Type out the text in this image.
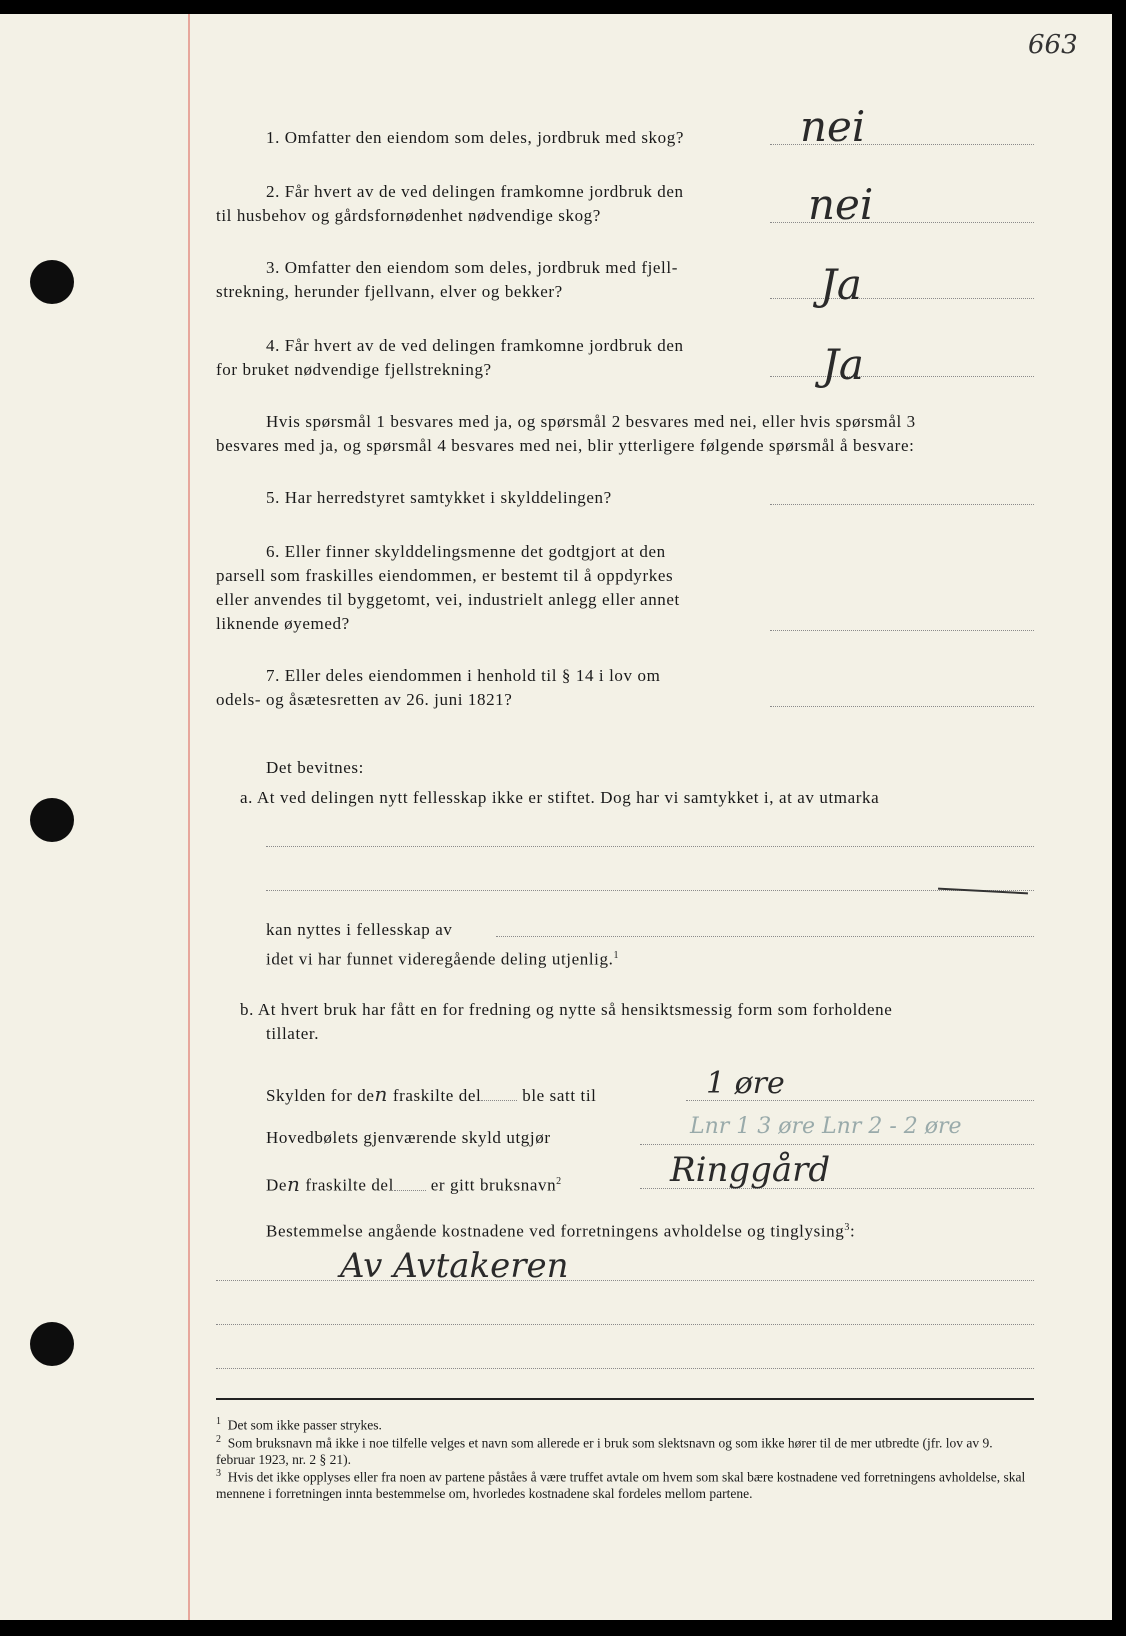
663
1. Omfatter den eiendom som deles, jordbruk med skog?	nei
2. Får hvert av de ved delingen framkomne jordbruk den
til husbehov og gårdsfornødenhet nødvendige skog?	nei
3. Omfatter den eiendom som deles, jordbruk med fjell-
strekning, herunder fjellvann, elver og bekker?	Ja
4. Får hvert av de ved delingen framkomne jordbruk den
for bruket nødvendige fjellstrekning?	Ja
Hvis spørsmål 1 besvares med ja, og spørsmål 2 besvares med nei, eller hvis spørsmål 3
besvares med ja, og spørsmål 4 besvares med nei, blir ytterligere følgende spørsmål å besvare:
5. Har herredstyret samtykket i skylddelingen?
6. Eller finner skylddelingsmenne det godtgjort at den
parsell som fraskilles eiendommen, er bestemt til å oppdyrkes
eller anvendes til byggetomt, vei, industrielt anlegg eller annet
liknende øyemed?
7. Eller deles eiendommen i henhold til § 14 i lov om
odels- og åsætesretten av 26. juni 1821?
Det bevitnes:
a. At ved delingen nytt fellesskap ikke er stiftet. Dog har vi samtykket i, at av utmarka
kan nyttes i fellesskap av
idet vi har funnet videregående deling utjenlig.$^1$
b. At hvert bruk har fått en for fredning og nytte så hensiktsmessig form som forholdene
tillater.
Skylden for den fraskilte del ble satt til	1 øre
Hovedbølets gjenværende skyld utgjør	Lnr 1 3 øre Lnr 2 - 2 øre
Den fraskilte del er gitt bruksnavn$^2$	Ringgård
Bestemmelse angående kostnadene ved forretningens avholdelse og tinglysing$^3$:
Av Avtakeren
$^1$ Det som ikke passer strykes.
$^2$ Som bruksnavn må ikke i noe tilfelle velges et navn som allerede er i bruk som slektsnavn og som ikke hører til de mer utbredte (jfr. lov av 9. februar 1923, nr. 2 § 21).
$^3$ Hvis det ikke opplyses eller fra noen av partene påståes å være truffet avtale om hvem som skal bære kostnadene ved forretningens avholdelse, skal mennene i forretningen innta bestemmelse om, hvorledes kostnadene skal fordeles mellom partene.
